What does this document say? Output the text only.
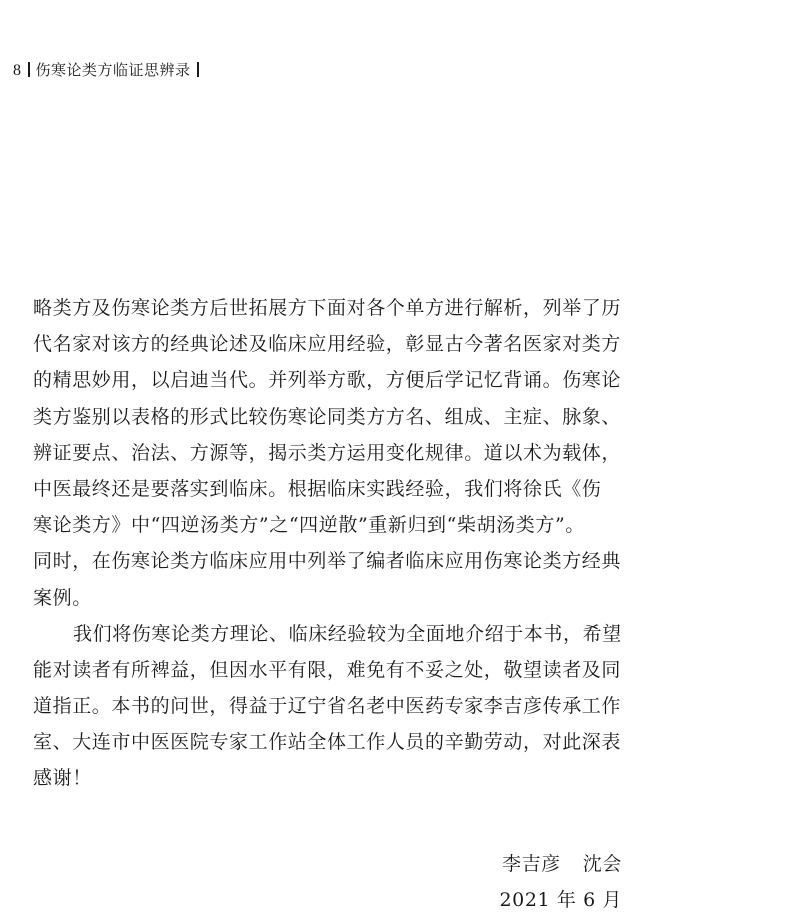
8 伤寒论类方临证思辨录
略类方及伤寒论类方后世拓展方下面对各个单方进行解析，列举了历
代名家对该方的经典论述及临床应用经验，彰显古今著名医家对类方
的精思妙用，以启迪当代。并列举方歌，方便后学记忆背诵。伤寒论
类方鉴别以表格的形式比较伤寒论同类方方名、组成、主症、脉象、
辨证要点、治法、方源等，揭示类方运用变化规律。道以术为载体，
中医最终还是要落实到临床。根据临床实践经验，我们将徐氏《伤
寒论类方》中“四逆汤类方”之“四逆散”重新归到“柴胡汤类方”。
同时，在伤寒论类方临床应用中列举了编者临床应用伤寒论类方经典
案例。
我们将伤寒论类方理论、临床经验较为全面地介绍于本书，希望
能对读者有所裨益，但因水平有限，难免有不妥之处，敬望读者及同
道指正。本书的问世，得益于辽宁省名老中医药专家李吉彦传承工作
室、大连市中医医院专家工作站全体工作人员的辛勤劳动，对此深表
感谢！
李吉彦 沈会
2021 年 6 月
